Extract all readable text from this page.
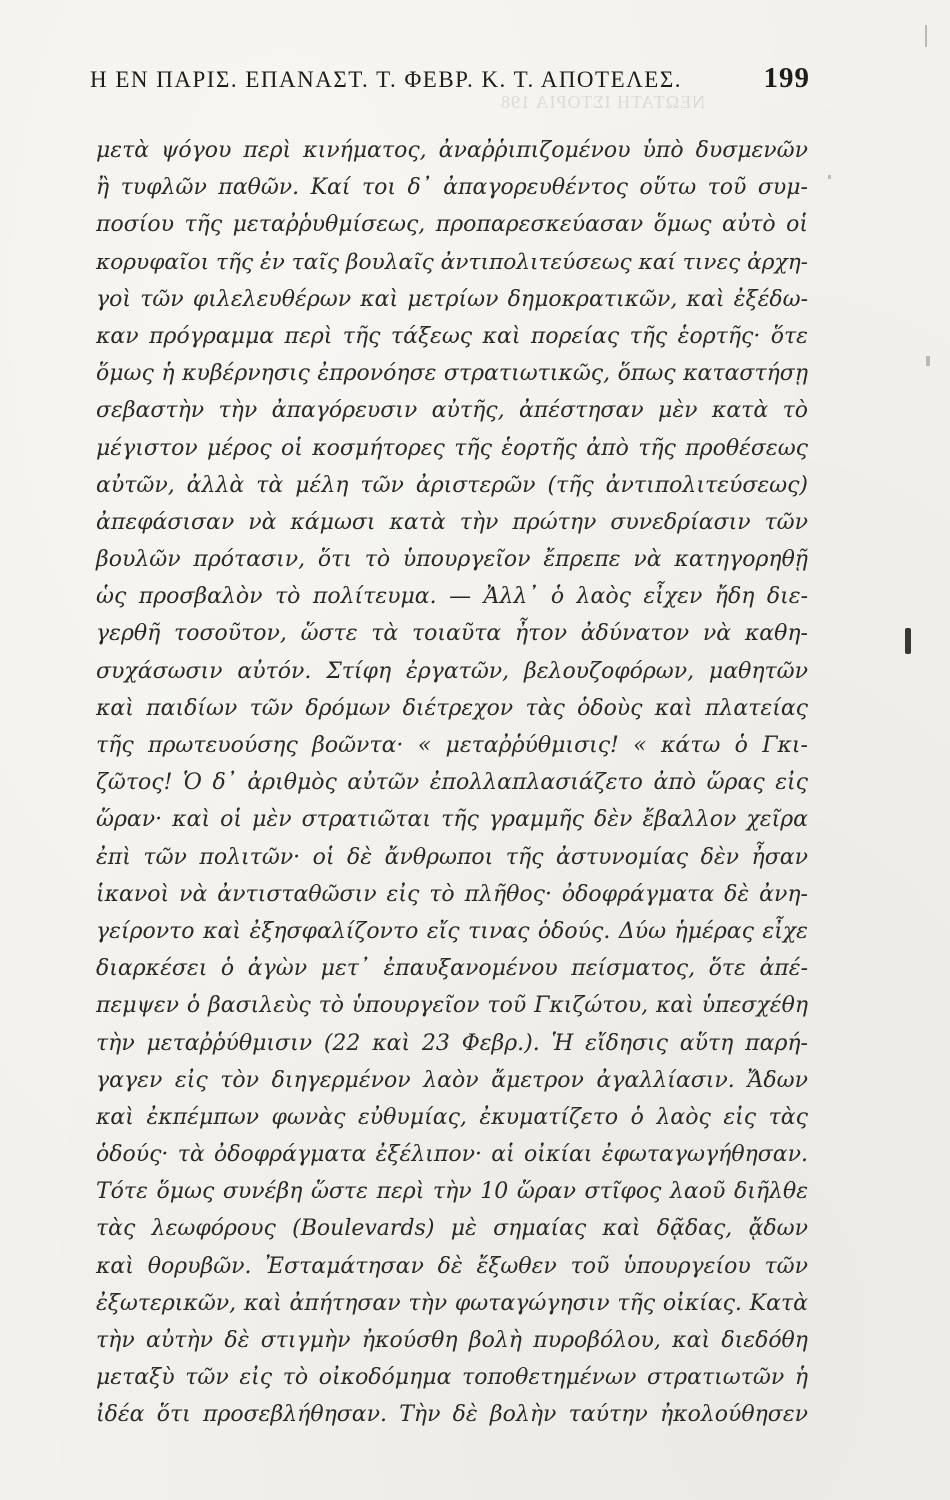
ΝΕΩΤΑΤΗ ΙΣΤΟΡΙΑ 198
Η ΕΝ ΠΑΡΙΣ. ΕΠΑΝΑΣΤ. Τ. ΦΕΒΡ. Κ. Τ. ΑΠΟΤΕΛΕΣ.	199
μετὰ ψόγου περὶ κινήματος, ἀναῤῥιπιζομένου ὑπὸ δυσμενῶν
ἢ τυφλῶν παθῶν. Καί τοι δ᾽ ἀπαγορευθέντος οὕτω τοῦ συμ-
ποσίου τῆς μεταῤῥυθμίσεως, προπαρεσκεύασαν ὅμως αὐτὸ οἱ
κορυφαῖοι τῆς ἐν ταῖς βουλαῖς ἀντιπολιτεύσεως καί τινες ἀρχη-
γοὶ τῶν φιλελευθέρων καὶ μετρίων δημοκρατικῶν, καὶ ἐξέδω-
καν πρόγραμμα περὶ τῆς τάξεως καὶ πορείας τῆς ἑορτῆς· ὅτε
ὅμως ἡ κυβέρνησις ἐπρονόησε στρατιωτικῶς, ὅπως καταστήσῃ
σεβαστὴν τὴν ἀπαγόρευσιν αὐτῆς, ἀπέστησαν μὲν κατὰ τὸ
μέγιστον μέρος οἱ κοσμήτορες τῆς ἑορτῆς ἀπὸ τῆς προθέσεως
αὐτῶν, ἀλλὰ τὰ μέλη τῶν ἀριστερῶν (τῆς ἀντιπολιτεύσεως)
ἀπεφάσισαν νὰ κάμωσι κατὰ τὴν πρώτην συνεδρίασιν τῶν
βουλῶν πρότασιν, ὅτι τὸ ὑπουργεῖον ἔπρεπε νὰ κατηγορηθῇ
ὡς προσβαλὸν τὸ πολίτευμα. — Ἀλλ᾽ ὁ λαὸς εἶχεν ἤδη διε-
γερθῆ τοσοῦτον, ὥστε τὰ τοιαῦτα ἦτον ἀδύνατον νὰ καθη-
συχάσωσιν αὐτόν. Στίφη ἐργατῶν, βελουζοφόρων, μαθητῶν
καὶ παιδίων τῶν δρόμων διέτρεχον τὰς ὁδοὺς καὶ πλατείας
τῆς πρωτευούσης βοῶντα· « μεταῤῥύθμισις! « κάτω ὁ Γκι-
ζῶτος! Ὁ δ᾽ ἀριθμὸς αὐτῶν ἐπολλαπλασιάζετο ἀπὸ ὥρας εἰς
ὥραν· καὶ οἱ μὲν στρατιῶται τῆς γραμμῆς δὲν ἔβαλλον χεῖρα
ἐπὶ τῶν πολιτῶν· οἱ δὲ ἄνθρωποι τῆς ἀστυνομίας δὲν ἦσαν
ἱκανοὶ νὰ ἀντισταθῶσιν εἰς τὸ πλῆθος· ὀδοφράγματα δὲ ἀνη-
γείροντο καὶ ἐξησφαλίζοντο εἴς τινας ὁδούς. Δύω ἡμέρας εἶχε
διαρκέσει ὁ ἀγὼν μετ᾽ ἐπαυξανομένου πείσματος, ὅτε ἀπέ-
πεμψεν ὁ βασιλεὺς τὸ ὑπουργεῖον τοῦ Γκιζώτου, καὶ ὑπεσχέθη
τὴν μεταῤῥύθμισιν (22 καὶ 23 Φεβρ.). Ἡ εἴδησις αὕτη παρή-
γαγεν εἰς τὸν διηγερμένον λαὸν ἄμετρον ἀγαλλίασιν. Ἄδων
καὶ ἐκπέμπων φωνὰς εὐθυμίας, ἐκυματίζετο ὁ λαὸς εἰς τὰς
ὁδούς· τὰ ὀδοφράγματα ἐξέλιπον· αἱ οἰκίαι ἐφωταγωγήθησαν.
Τότε ὅμως συνέβη ὥστε περὶ τὴν 10 ὥραν στῖφος λαοῦ διῆλθε
τὰς λεωφόρους (Boulevards) μὲ σημαίας καὶ δᾷδας, ᾄδων
καὶ θορυβῶν. Ἐσταμάτησαν δὲ ἔξωθεν τοῦ ὑπουργείου τῶν
ἐξωτερικῶν, καὶ ἀπήτησαν τὴν φωταγώγησιν τῆς οἰκίας. Κατὰ
τὴν αὐτὴν δὲ στιγμὴν ἠκούσθη βολὴ πυροβόλου, καὶ διεδόθη
μεταξὺ τῶν εἰς τὸ οἰκοδόμημα τοποθετημένων στρατιωτῶν ἡ
ἰδέα ὅτι προσεβλήθησαν. Τὴν δὲ βολὴν ταύτην ἠκολούθησεν
